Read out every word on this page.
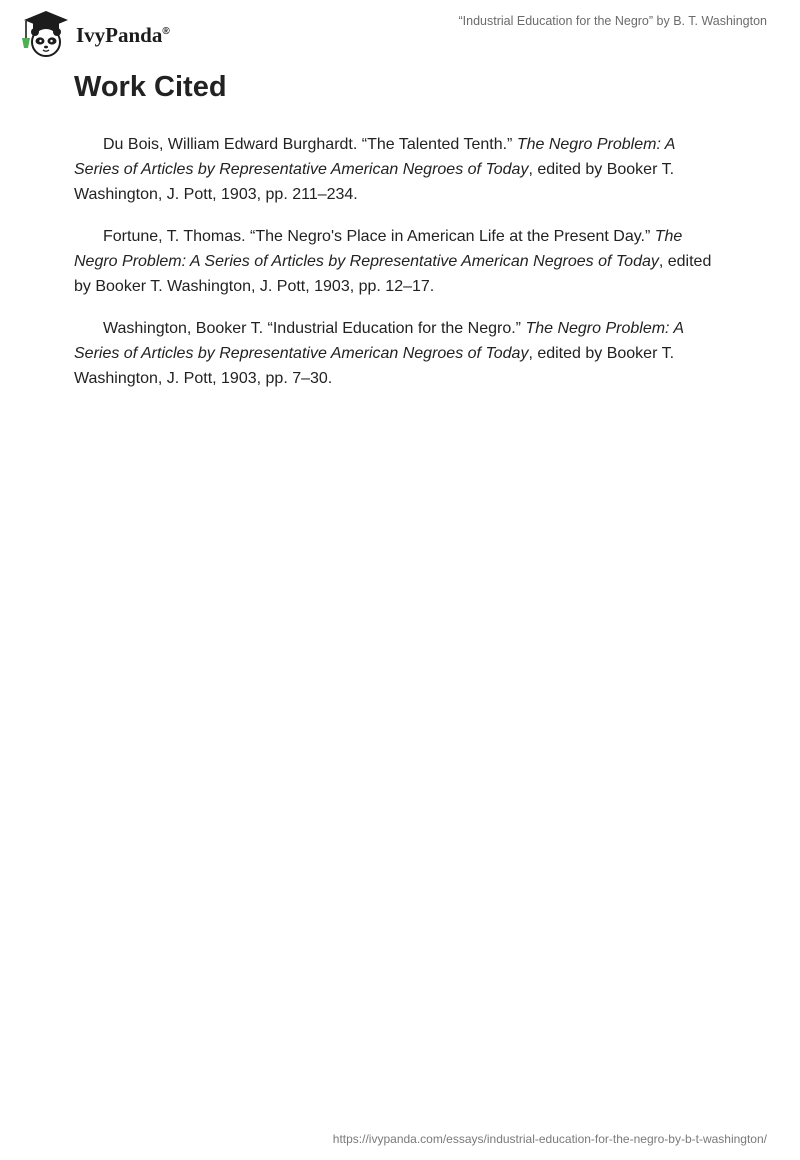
IvyPanda®
“Industrial Education for the Negro” by B. T. Washington
Work Cited

Du Bois, William Edward Burghardt. “The Talented Tenth.” The Negro Problem: A Series of Articles by Representative American Negroes of Today, edited by Booker T. Washington, J. Pott, 1903, pp. 211–234.

Fortune, T. Thomas. “The Negro's Place in American Life at the Present Day.” The Negro Problem: A Series of Articles by Representative American Negroes of Today, edited by Booker T. Washington, J. Pott, 1903, pp. 12–17.

Washington, Booker T. “Industrial Education for the Negro.” The Negro Problem: A Series of Articles by Representative American Negroes of Today, edited by Booker T. Washington, J. Pott, 1903, pp. 7–30.

https://ivypanda.com/essays/industrial-education-for-the-negro-by-b-t-washington/
